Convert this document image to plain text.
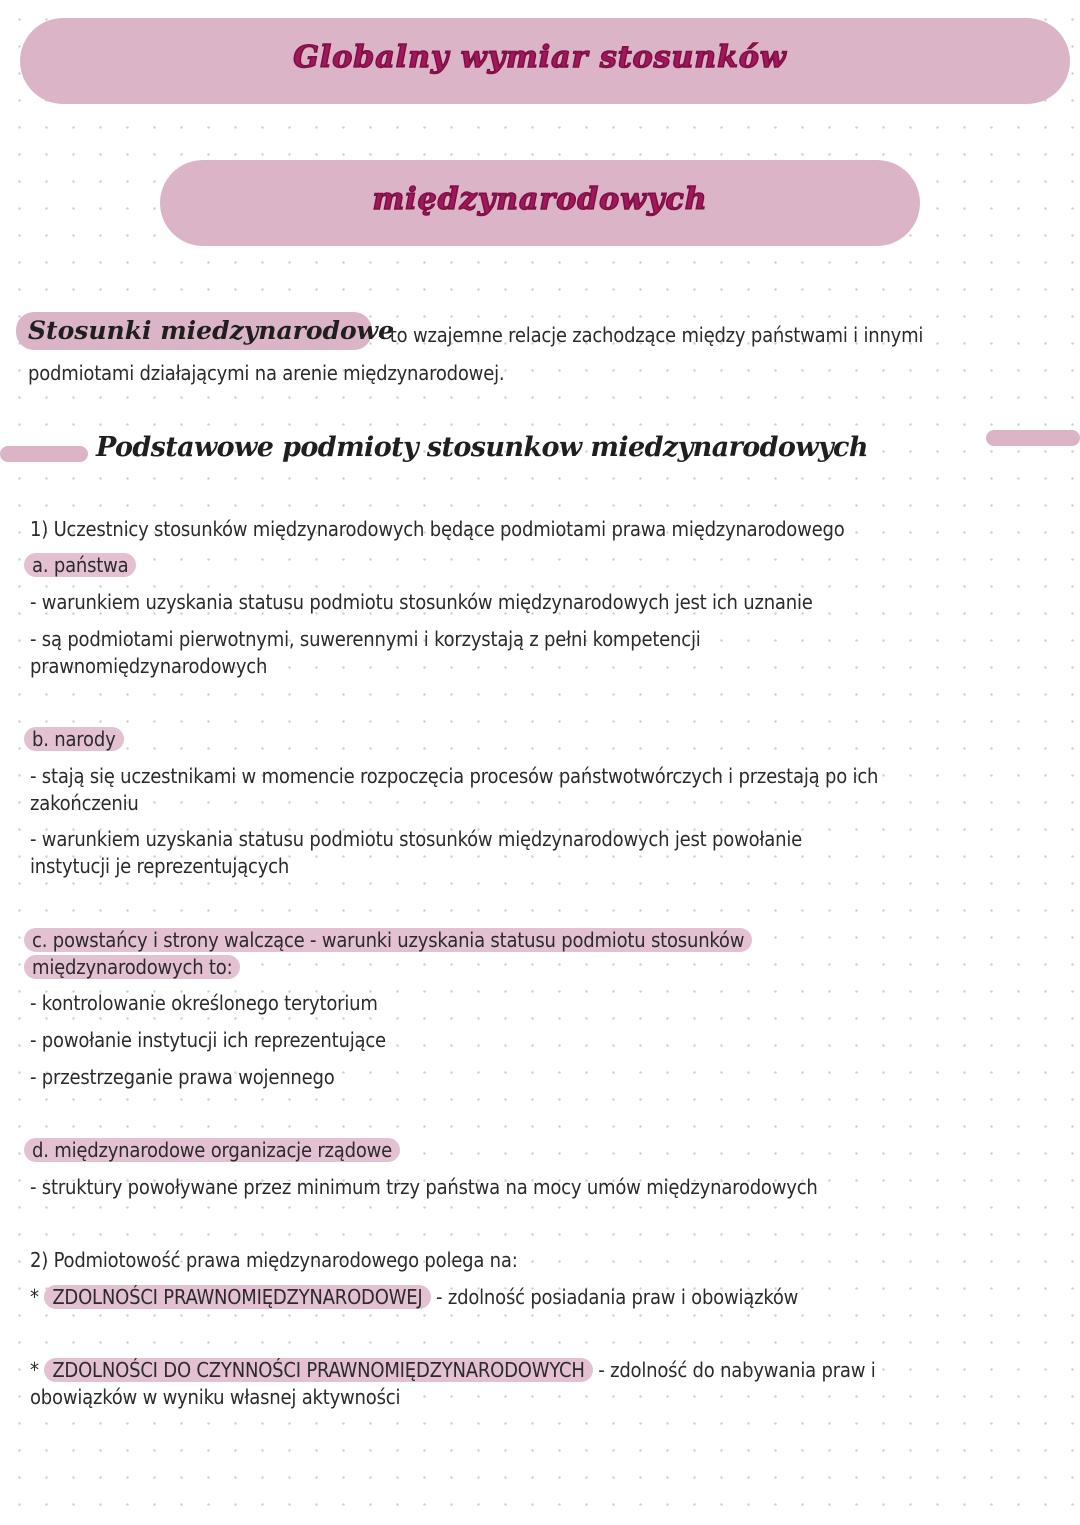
Globalny wymiar stosunków
międzynarodowych
Stosunki miedzynarodowe
- to wzajemne relacje zachodzące między państwami i innymi
podmiotami działającymi na arenie międzynarodowej.
Podstawowe podmioty stosunkow miedzynarodowych
1) Uczestnicy stosunków międzynarodowych będące podmiotami prawa międzynarodowego
a. państwa
- warunkiem uzyskania statusu podmiotu stosunków międzynarodowych jest ich uznanie
- są podmiotami pierwotnymi, suwerennymi i korzystają z pełni kompetencji
prawnomiędzynarodowych
b. narody
- stają się uczestnikami w momencie rozpoczęcia procesów państwotwórczych i przestają po ich
zakończeniu
- warunkiem uzyskania statusu podmiotu stosunków międzynarodowych jest powołanie
instytucji je reprezentujących
c. powstańcy i strony walczące - warunki uzyskania statusu podmiotu stosunków
międzynarodowych to:
- kontrolowanie określonego terytorium
- powołanie instytucji ich reprezentujące
- przestrzeganie prawa wojennego
d. międzynarodowe organizacje rządowe
- struktury powoływane przez minimum trzy państwa na mocy umów międzynarodowych
2) Podmiotowość prawa międzynarodowego polega na:
* ZDOLNOŚCI PRAWNOMIĘDZYNARODOWEJ - zdolność posiadania praw i obowiązków
* ZDOLNOŚCI DO CZYNNOŚCI PRAWNOMIĘDZYNARODOWYCH - zdolność do nabywania praw i
obowiązków w wyniku własnej aktywności
